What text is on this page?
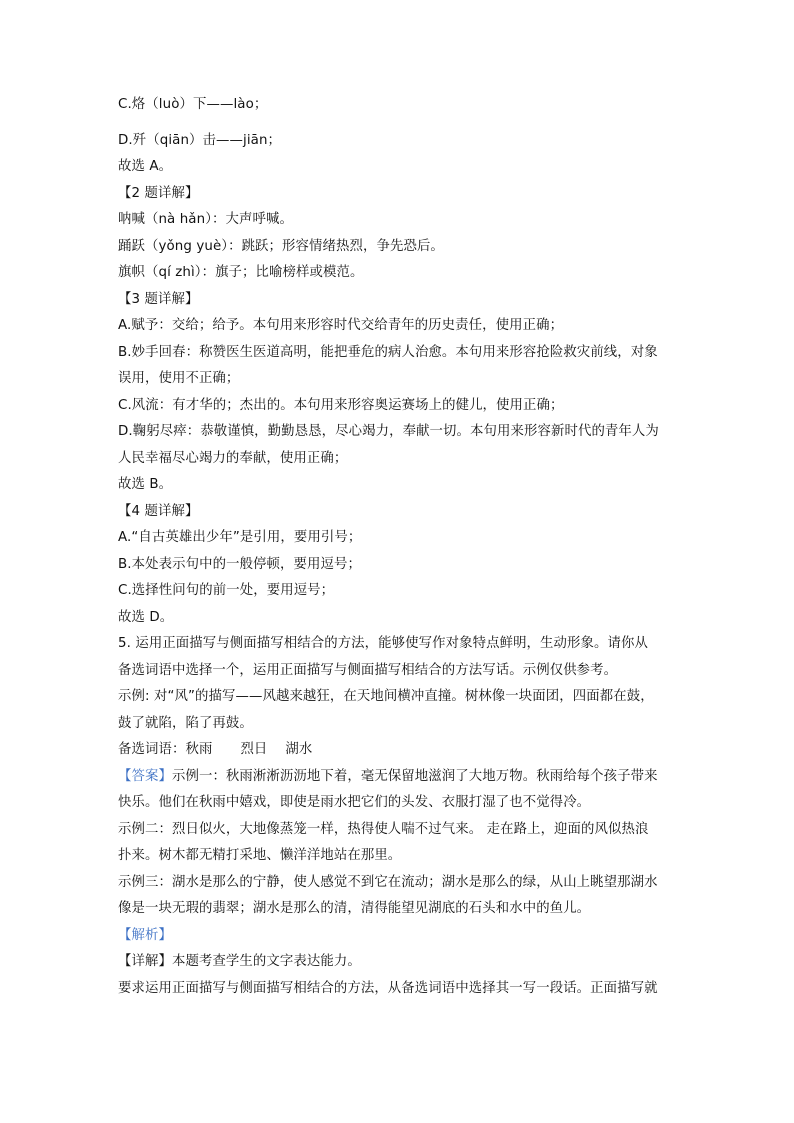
C.烙（luò）下——lào；
D.歼（qiān）击——jiān；
故选 A。
【2 题详解】
呐喊（nà hǎn）：大声呼喊。
踊跃（yǒng yuè）：跳跃；形容情绪热烈，争先恐后。
旗帜（qí zhì）：旗子；比喻榜样或模范。
【3 题详解】
A.赋予：交给；给予。本句用来形容时代交给青年的历史责任，使用正确；
B.妙手回春：称赞医生医道高明，能把垂危的病人治愈。本句用来形容抢险救灾前线，对象
误用，使用不正确；
C.风流：有才华的；杰出的。本句用来形容奥运赛场上的健儿，使用正确；
D.鞠躬尽瘁：恭敬谨慎，勤勤恳恳，尽心竭力，奉献一切。本句用来形容新时代的青年人为
人民幸福尽心竭力的奉献，使用正确；
故选 B。
【4 题详解】
A.“自古英雄出少年”是引用，要用引号；
B.本处表示句中的一般停顿，要用逗号；
C.选择性问句的前一处，要用逗号；
故选 D。
5. 运用正面描写与侧面描写相结合的方法，能够使写作对象特点鲜明，生动形象。请你从
备选词语中选择一个，运用正面描写与侧面描写相结合的方法写话。示例仅供参考。
示例: 对“风”的描写——风越来越狂，在天地间横冲直撞。树林像一块面团，四面都在鼓，
鼓了就陷，陷了再鼓。
备选词语：秋雨 烈日 湖水
【答案】示例一：秋雨淅淅沥沥地下着，毫无保留地滋润了大地万物。秋雨给每个孩子带来
快乐。他们在秋雨中嬉戏，即使是雨水把它们的头发、衣服打湿了也不觉得冷。
示例二：烈日似火，大地像蒸笼一样，热得使人喘不过气来。 走在路上，迎面的风似热浪
扑来。树木都无精打采地、懒洋洋地站在那里。
示例三：湖水是那么的宁静，使人感觉不到它在流动；湖水是那么的绿，从山上眺望那湖水
像是一块无瑕的翡翠；湖水是那么的清，清得能望见湖底的石头和水中的鱼儿。
【解析】
【详解】本题考查学生的文字表达能力。
要求运用正面描写与侧面描写相结合的方法，从备选词语中选择其一写一段话。正面描写就
